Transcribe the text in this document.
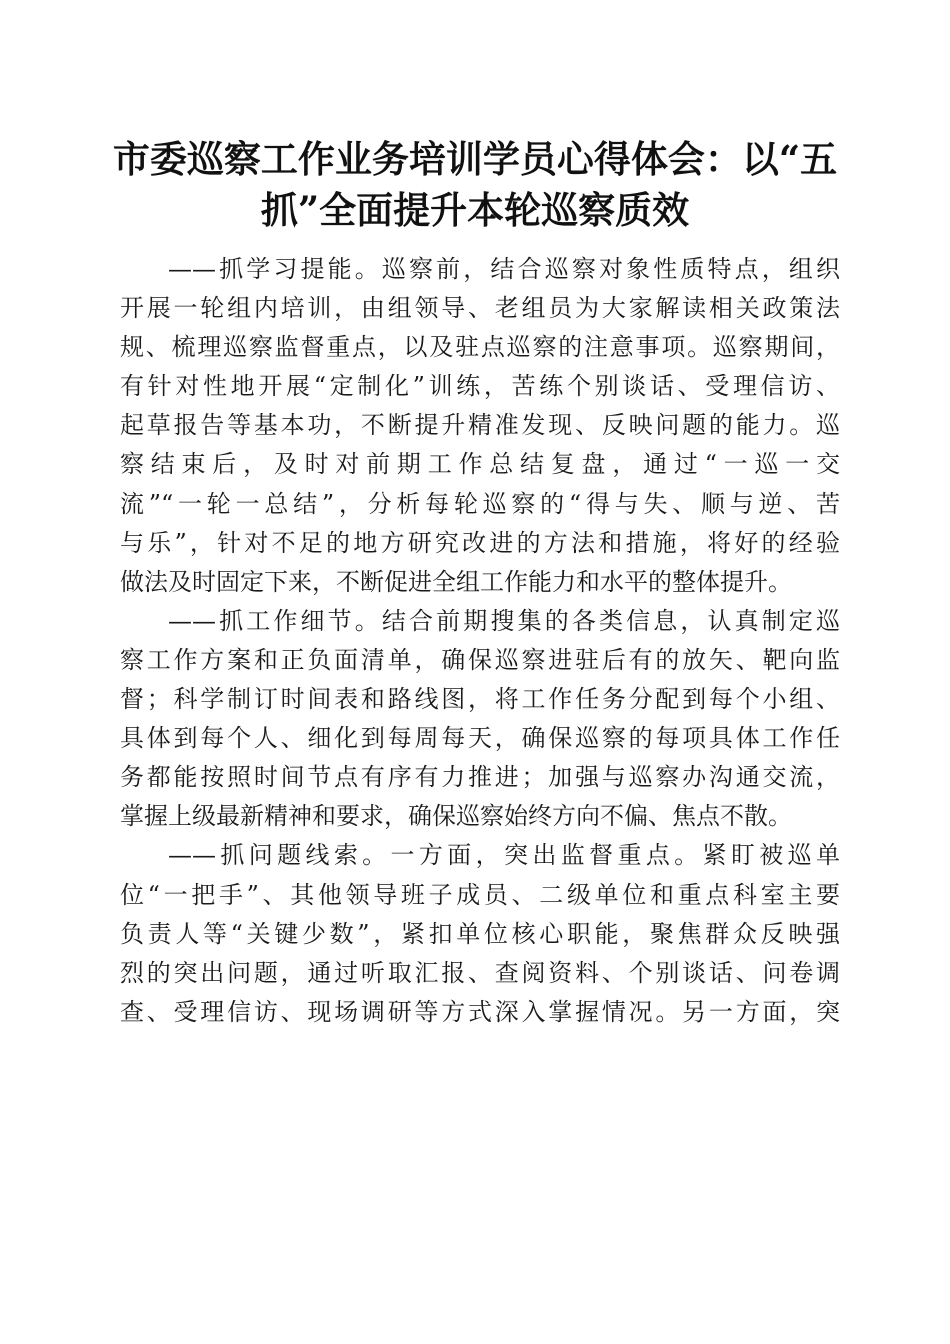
市委巡察工作业务培训学员心得体会：以“五
抓”全面提升本轮巡察质效
——抓学习提能。巡察前，结合巡察对象性质特点，组织
开展一轮组内培训，由组领导、老组员为大家解读相关政策法
规、梳理巡察监督重点，以及驻点巡察的注意事项。巡察期间，
有针对性地开展“定制化”训练，苦练个别谈话、受理信访、
起草报告等基本功，不断提升精准发现、反映问题的能力。巡
察结束后，及时对前期工作总结复盘，通过“一巡一交
流”“一轮一总结”，分析每轮巡察的“得与失、顺与逆、苦
与乐”，针对不足的地方研究改进的方法和措施，将好的经验
做法及时固定下来，不断促进全组工作能力和水平的整体提升。
——抓工作细节。结合前期搜集的各类信息，认真制定巡
察工作方案和正负面清单，确保巡察进驻后有的放矢、靶向监
督；科学制订时间表和路线图，将工作任务分配到每个小组、
具体到每个人、细化到每周每天，确保巡察的每项具体工作任
务都能按照时间节点有序有力推进；加强与巡察办沟通交流，
掌握上级最新精神和要求，确保巡察始终方向不偏、焦点不散。
——抓问题线索。一方面，突出监督重点。紧盯被巡单
位“一把手”、其他领导班子成员、二级单位和重点科室主要
负责人等“关键少数”，紧扣单位核心职能，聚焦群众反映强
烈的突出问题，通过听取汇报、查阅资料、个别谈话、问卷调
查、受理信访、现场调研等方式深入掌握情况。另一方面，突
